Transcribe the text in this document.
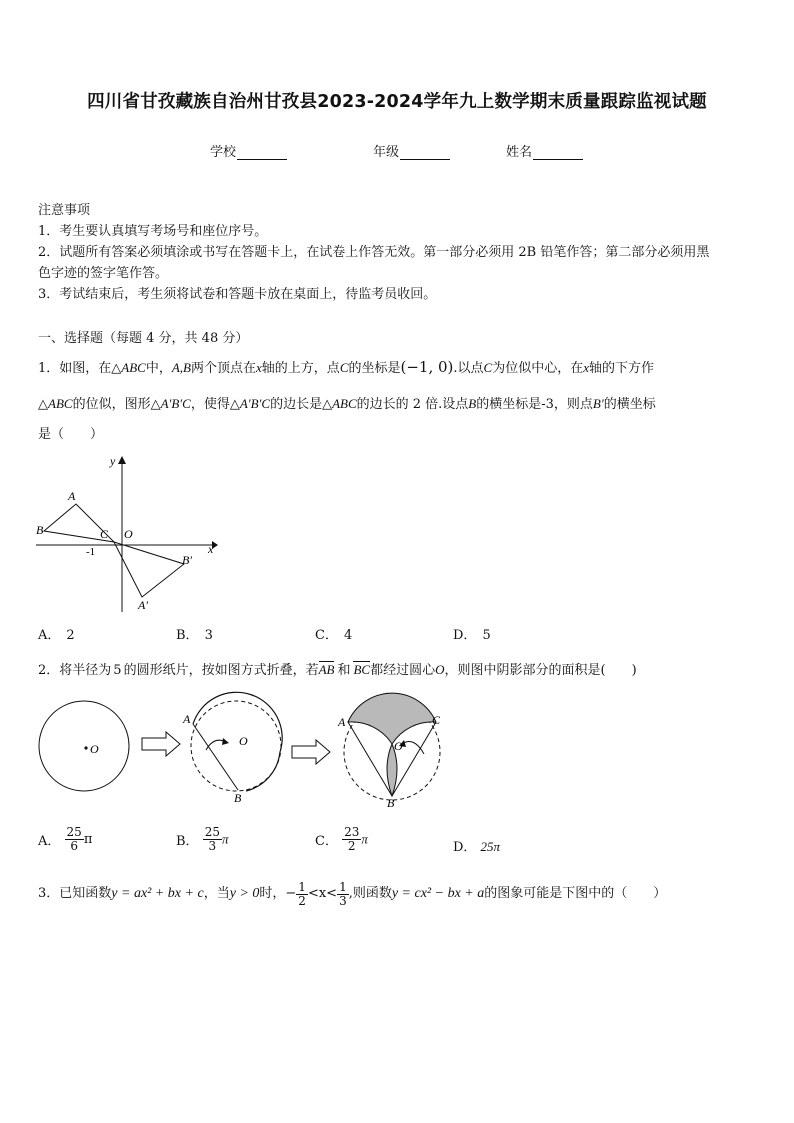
四川省甘孜藏族自治州甘孜县2023-2024学年九上数学期末质量跟踪监视试题
学校	年级	姓名
注意事项
1．考生要认真填写考场号和座位序号。
2．试题所有答案必须填涂或书写在答题卡上，在试卷上作答无效。第一部分必须用 2B 铅笔作答；第二部分必须用黑
色字迹的签字笔作答。
3．考试结束后，考生须将试卷和答题卡放在桌面上，待监考员收回。
一、选择题（每题 4 分，共 48 分）
1．如图，在△ABC中，A,B两个顶点在x轴的上方，点C的坐标是(−1, 0).以点C为位似中心，在x轴的下方作
△ABC的位似，图形△A′B′C，使得△A′B′C的边长是△ABC的边长的 2 倍.设点B的横坐标是-3，则点B′的横坐标
是（　　）
A
B	C O
-1	x
y
B′
A′
A． 2	B． 3	C． 4	D． 5
2．将半径为 5 的圆形纸片，按如图方式折叠，若AB 和 BC都经过圆心O，则图中阴影部分的面积是(　　)
O
A
O
B
A	C
O
B
A． $\frac{25}{6}$ π	B． $\frac{25}{3}$ π	C． $\frac{23}{2}$ π
D． 25π
3．已知函数y = ax² + bx + c，当y > 0时，− $\frac{1}{2} <x< \frac{1}{3}$ ,则函数y = cx² − bx + a的图象可能是下图中的（　　）
